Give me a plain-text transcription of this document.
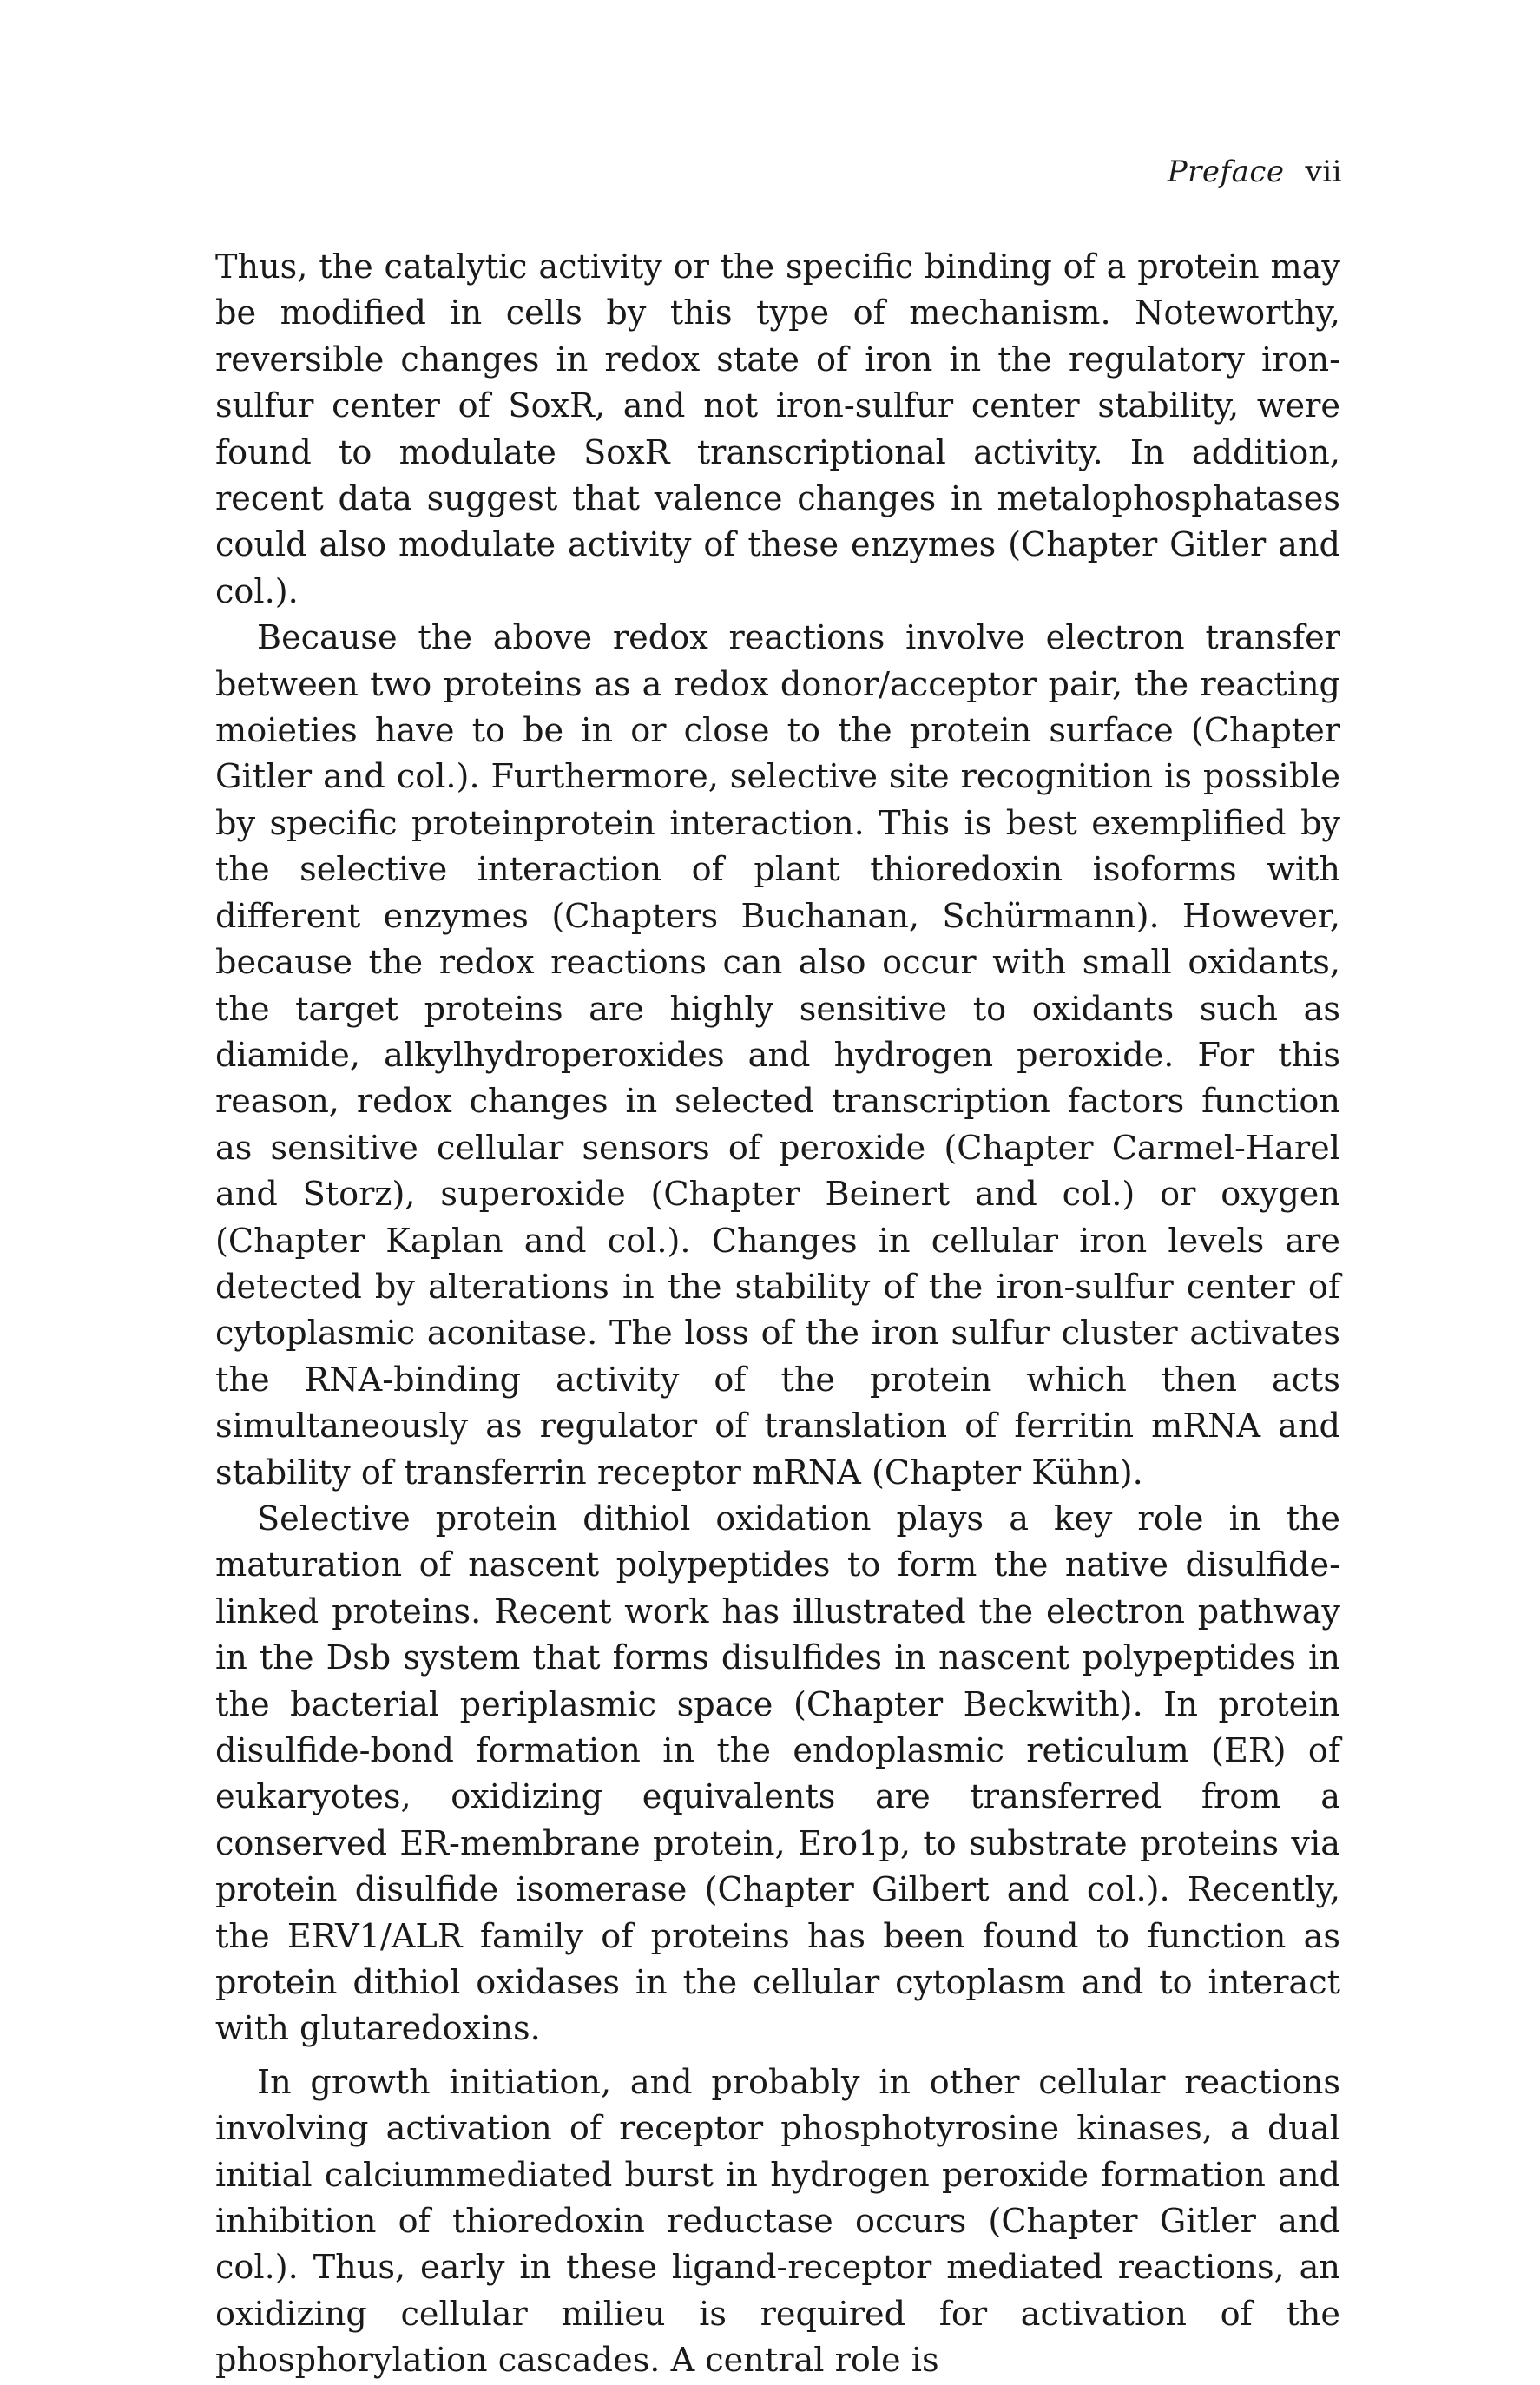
Preface vii

Thus, the catalytic activity or the specific binding of a protein may be modified in cells by this type of mechanism. Noteworthy, reversible changes in redox state of iron in the regulatory iron-sulfur center of SoxR, and not iron-sulfur center stability, were found to modulate SoxR transcriptional activity. In addition, recent data suggest that valence changes in metalophosphatases could also modulate activity of these enzymes (Chapter Gitler and col.).

Because the above redox reactions involve electron transfer between two proteins as a redox donor/acceptor pair, the reacting moieties have to be in or close to the protein surface (Chapter Gitler and col.). Furthermore, selective site recognition is possible by specific proteinprotein interaction. This is best exemplified by the selective interaction of plant thioredoxin isoforms with different enzymes (Chapters Buchanan, Schürmann). However, because the redox reactions can also occur with small oxidants, the target proteins are highly sensitive to oxidants such as diamide, alkylhydroperoxides and hydrogen peroxide. For this reason, redox changes in selected transcription factors function as sensitive cellular sensors of peroxide (Chapter Carmel-Harel and Storz), superoxide (Chapter Beinert and col.) or oxygen (Chapter Kaplan and col.). Changes in cellular iron levels are detected by alterations in the stability of the iron-sulfur center of cytoplasmic aconitase. The loss of the iron sulfur cluster activates the RNA-binding activity of the protein which then acts simultaneously as regulator of translation of ferritin mRNA and stability of transferrin receptor mRNA (Chapter Kühn).

Selective protein dithiol oxidation plays a key role in the maturation of nascent polypeptides to form the native disulfide-linked proteins. Recent work has illustrated the electron pathway in the Dsb system that forms disulfides in nascent polypeptides in the bacterial periplasmic space (Chapter Beckwith). In protein disulfide-bond formation in the endoplasmic reticulum (ER) of eukaryotes, oxidizing equivalents are transferred from a conserved ER-membrane protein, Ero1p, to substrate proteins via protein disulfide isomerase (Chapter Gilbert and col.). Recently, the ERV1/ALR family of proteins has been found to function as protein dithiol oxidases in the cellular cytoplasm and to interact with glutaredoxins.

In growth initiation, and probably in other cellular reactions involving activation of receptor phosphotyrosine kinases, a dual initial calciummediated burst in hydrogen peroxide formation and inhibition of thioredoxin reductase occurs (Chapter Gitler and col.). Thus, early in these ligand-receptor mediated reactions, an oxidizing cellular milieu is required for activation of the phosphorylation cascades. A central role is
